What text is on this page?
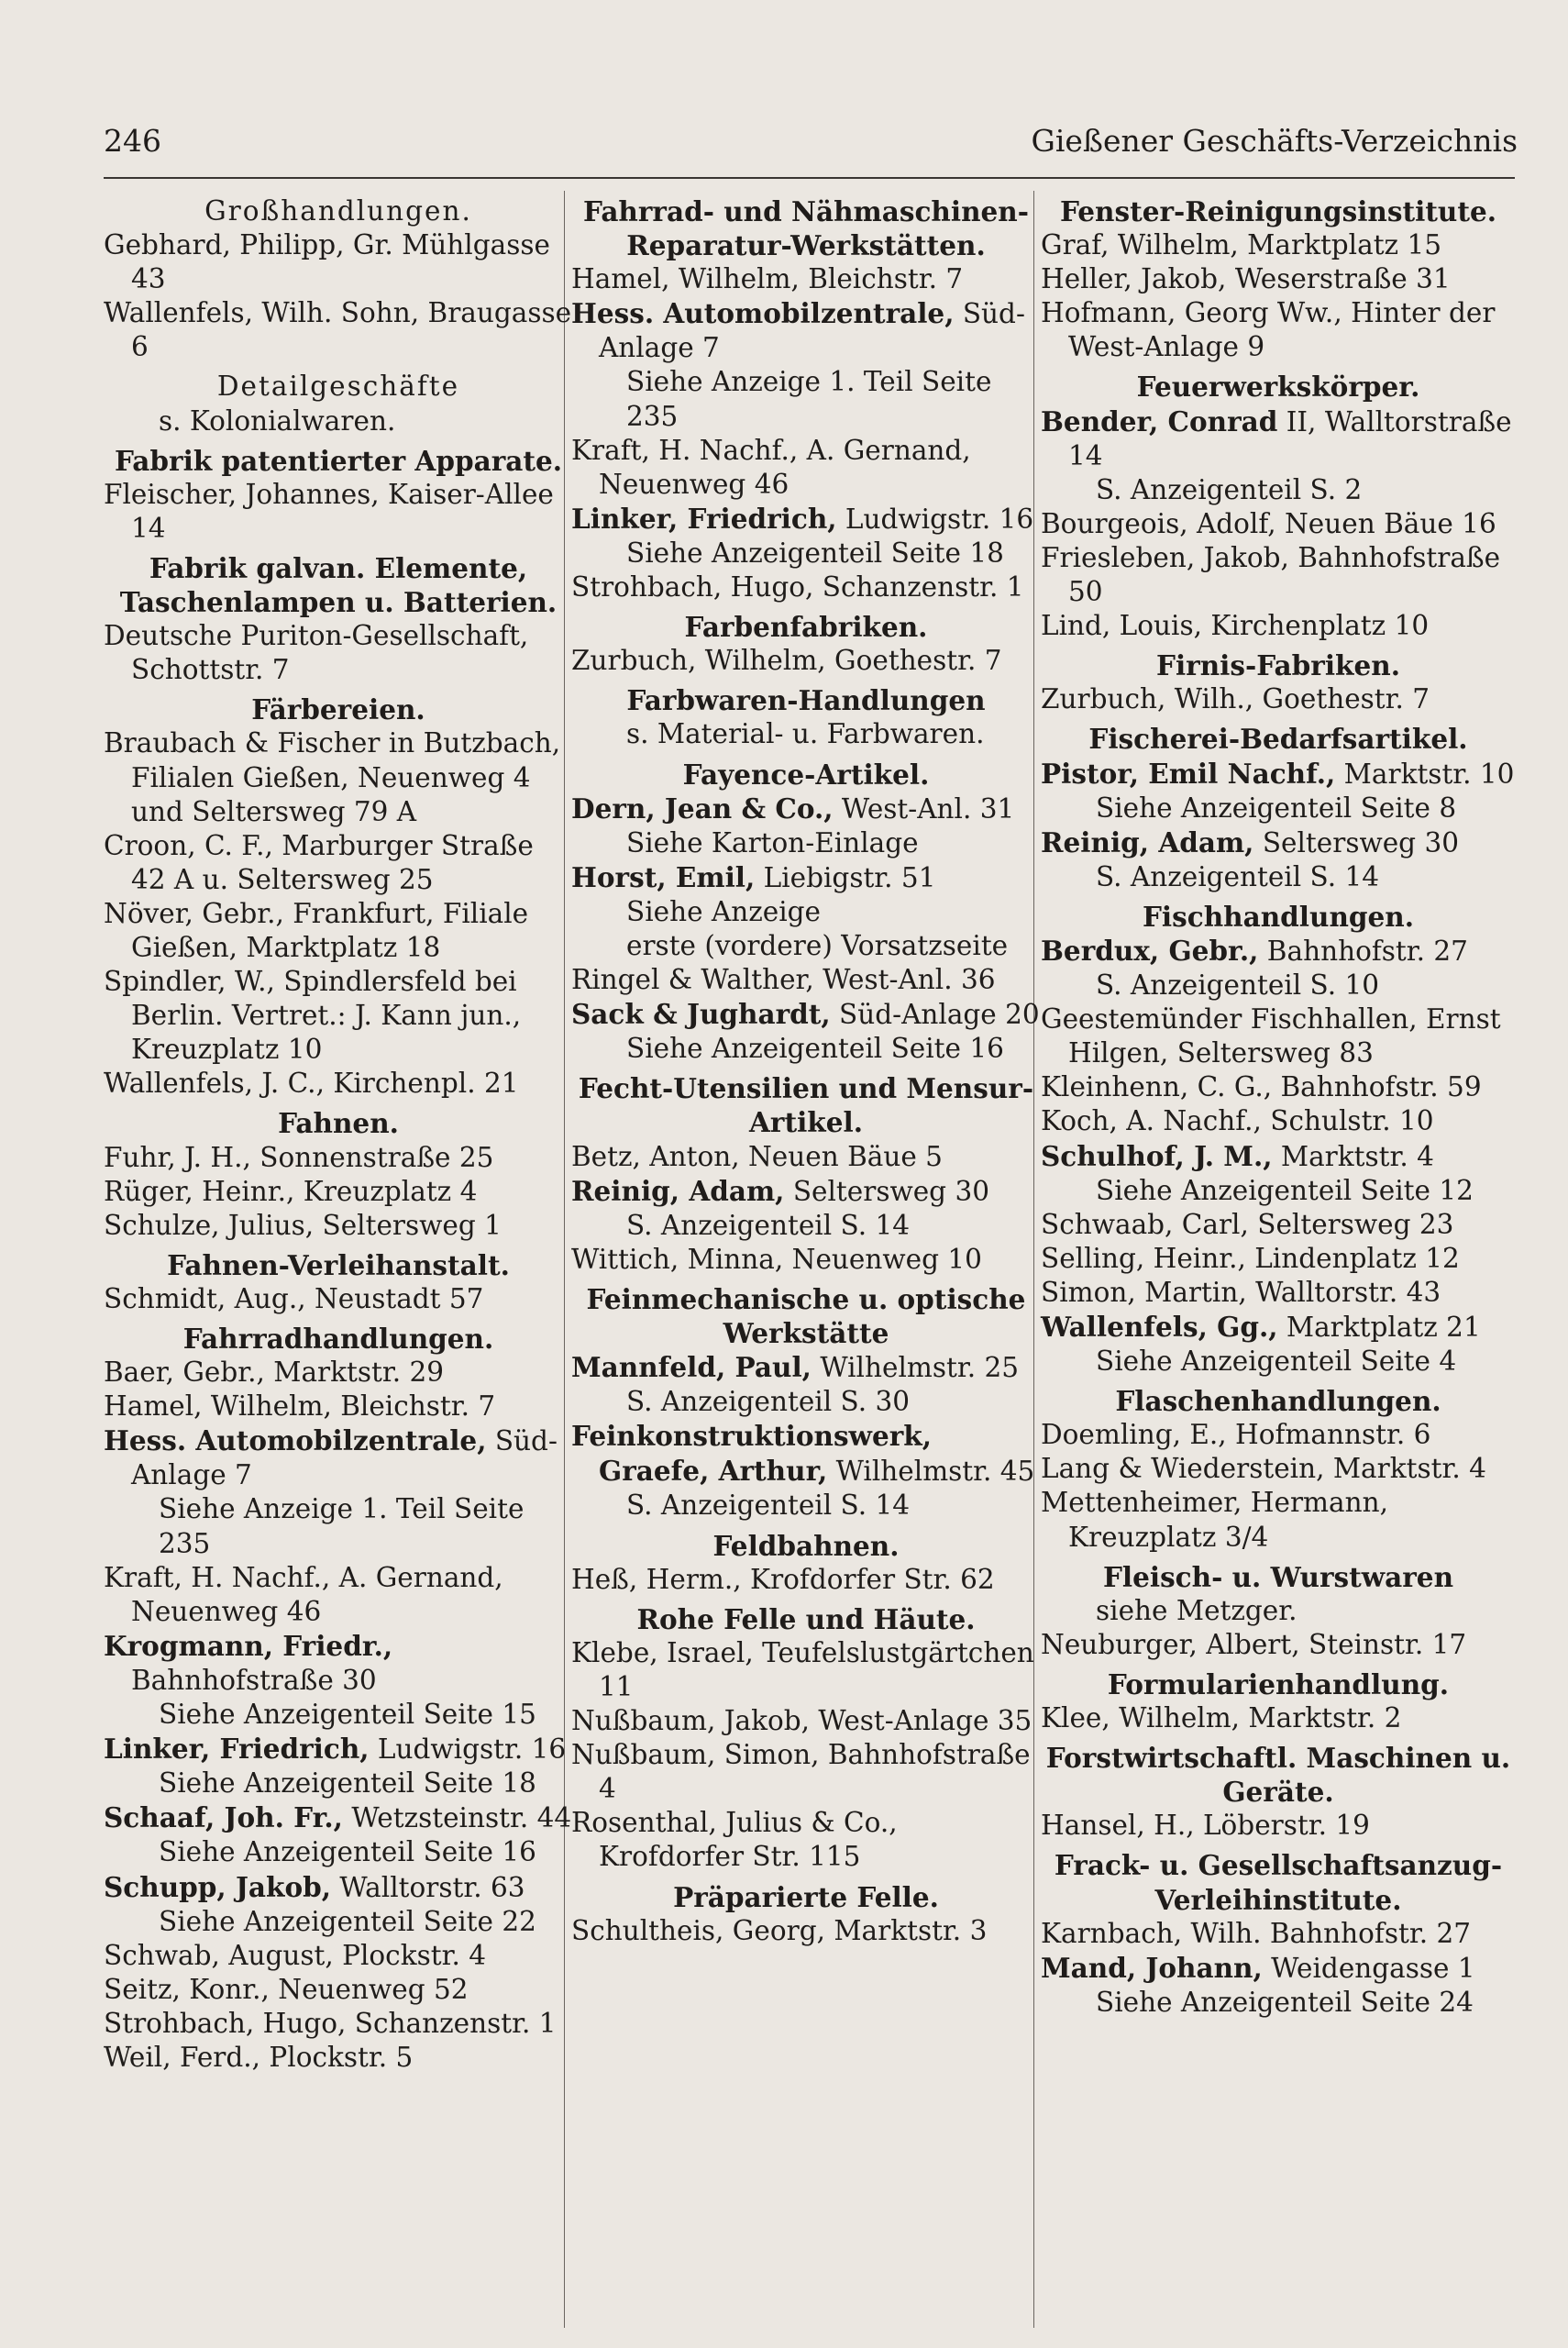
246	Gießener Geschäfts-Verzeichnis
Großhandlungen.
Gebhard, Philipp, Gr. Mühlgasse 43
Wallenfels, Wilh. Sohn, Braugasse 6
Detailgeschäfte
s. Kolonialwaren.
Fabrik patentierter Apparate.
Fleischer, Johannes, Kaiser-Allee 14
Fabrik galvan. Elemente, Taschenlampen u. Batterien.
Deutsche Puriton-Gesellschaft, Schottstr. 7
Färbereien.
Braubach & Fischer in Butzbach, Filialen Gießen, Neuenweg 4 und Seltersweg 79 A
Croon, C. F., Marburger Straße 42 A u. Seltersweg 25
Növer, Gebr., Frankfurt, Filiale Gießen, Marktplatz 18
Spindler, W., Spindlersfeld bei Berlin. Vertret.: J. Kann jun., Kreuzplatz 10
Wallenfels, J. C., Kirchenpl. 21
Fahnen.
Fuhr, J. H., Sonnenstraße 25
Rüger, Heinr., Kreuzplatz 4
Schulze, Julius, Seltersweg 1
Fahnen-Verleihanstalt.
Schmidt, Aug., Neustadt 57
Fahrradhandlungen.
Baer, Gebr., Marktstr. 29
Hamel, Wilhelm, Bleichstr. 7
Hess. Automobilzentrale, Süd-Anlage 7
Siehe Anzeige 1. Teil Seite 235
Kraft, H. Nachf., A. Gernand, Neuenweg 46
Krogmann, Friedr., Bahnhofstraße 30
Siehe Anzeigenteil Seite 15
Linker, Friedrich, Ludwigstr. 16
Siehe Anzeigenteil Seite 18
Schaaf, Joh. Fr., Wetzsteinstr. 44
Siehe Anzeigenteil Seite 16
Schupp, Jakob, Walltorstr. 63
Siehe Anzeigenteil Seite 22
Schwab, August, Plockstr. 4
Seitz, Konr., Neuenweg 52
Strohbach, Hugo, Schanzenstr. 1
Weil, Ferd., Plockstr. 5
Fahrrad- und Nähmaschinen-Reparatur-Werkstätten.
Hamel, Wilhelm, Bleichstr. 7
Hess. Automobilzentrale, Süd-Anlage 7
Siehe Anzeige 1. Teil Seite 235
Kraft, H. Nachf., A. Gernand, Neuenweg 46
Linker, Friedrich, Ludwigstr. 16
Siehe Anzeigenteil Seite 18
Strohbach, Hugo, Schanzenstr. 1
Farbenfabriken.
Zurbuch, Wilhelm, Goethestr. 7
Farbwaren-Handlungen
s. Material- u. Farbwaren.
Fayence-Artikel.
Dern, Jean & Co., West-Anl. 31
Siehe Karton-Einlage
Horst, Emil, Liebigstr. 51
Siehe Anzeige
erste (vordere) Vorsatzseite
Ringel & Walther, West-Anl. 36
Sack & Jughardt, Süd-Anlage 20
Siehe Anzeigenteil Seite 16
Fecht-Utensilien und Mensur-Artikel.
Betz, Anton, Neuen Bäue 5
Reinig, Adam, Seltersweg 30
S. Anzeigenteil S. 14
Wittich, Minna, Neuenweg 10
Feinmechanische u. optische Werkstätte
Mannfeld, Paul, Wilhelmstr. 25
S. Anzeigenteil S. 30
Feinkonstruktionswerk, Graefe, Arthur, Wilhelmstr. 45
S. Anzeigenteil S. 14
Feldbahnen.
Heß, Herm., Krofdorfer Str. 62
Rohe Felle und Häute.
Klebe, Israel, Teufelslustgärtchen 11
Nußbaum, Jakob, West-Anlage 35
Nußbaum, Simon, Bahnhofstraße 4
Rosenthal, Julius & Co., Krofdorfer Str. 115
Präparierte Felle.
Schultheis, Georg, Marktstr. 3
Fenster-Reinigungsinstitute.
Graf, Wilhelm, Marktplatz 15
Heller, Jakob, Weserstraße 31
Hofmann, Georg Ww., Hinter der West-Anlage 9
Feuerwerkskörper.
Bender, Conrad II, Walltorstraße 14
S. Anzeigenteil S. 2
Bourgeois, Adolf, Neuen Bäue 16
Friesleben, Jakob, Bahnhofstraße 50
Lind, Louis, Kirchenplatz 10
Firnis-Fabriken.
Zurbuch, Wilh., Goethestr. 7
Fischerei-Bedarfsartikel.
Pistor, Emil Nachf., Marktstr. 10
Siehe Anzeigenteil Seite 8
Reinig, Adam, Seltersweg 30
S. Anzeigenteil S. 14
Fischhandlungen.
Berdux, Gebr., Bahnhofstr. 27
S. Anzeigenteil S. 10
Geestemünder Fischhallen, Ernst Hilgen, Seltersweg 83
Kleinhenn, C. G., Bahnhofstr. 59
Koch, A. Nachf., Schulstr. 10
Schulhof, J. M., Marktstr. 4
Siehe Anzeigenteil Seite 12
Schwaab, Carl, Seltersweg 23
Selling, Heinr., Lindenplatz 12
Simon, Martin, Walltorstr. 43
Wallenfels, Gg., Marktplatz 21
Siehe Anzeigenteil Seite 4
Flaschenhandlungen.
Doemling, E., Hofmannstr. 6
Lang & Wiederstein, Marktstr. 4
Mettenheimer, Hermann, Kreuzplatz 3/4
Fleisch- u. Wurstwaren
siehe Metzger.
Neuburger, Albert, Steinstr. 17
Formularienhandlung.
Klee, Wilhelm, Marktstr. 2
Forstwirtschaftl. Maschinen u. Geräte.
Hansel, H., Löberstr. 19
Frack- u. Gesellschaftsanzug-Verleihinstitute.
Karnbach, Wilh. Bahnhofstr. 27
Mand, Johann, Weidengasse 1
Siehe Anzeigenteil Seite 24
